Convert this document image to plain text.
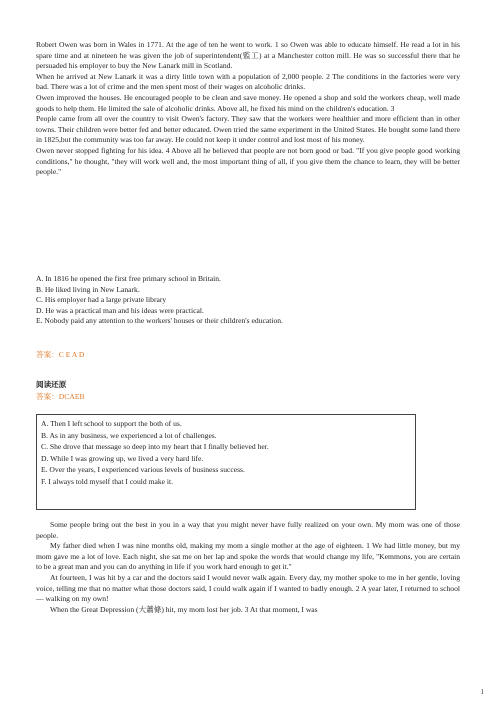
Robert Owen was born in Wales in 1771. At the age of ten he went to work. 1 so Owen was able to educate himself. He read a lot in his spare time and at nineteen he was given the job of superintendent(監工) at a Manchester cotton mill. He was so successful there that he persuaded his employer to buy the New Lanark mill in Scotland.

When he arrived at New Lanark it was a dirty little town with a population of 2,000 people. 2 The conditions in the factories were very bad. There was a lot of crime and the men spent most of their wages on alcoholic drinks.

Owen improved the houses. He encouraged people to be clean and save money. He opened a shop and sold the workers cheap, well made goods to help them. He limited the sale of alcoholic drinks. Above all, he fixed his mind on the children's education. 3

People came from all over the country to visit Owen's factory. They saw that the workers were healthier and more efficient than in other towns. Their children were better fed and better educated. Owen tried the same experiment in the United States. He bought some land there in 1825,but the community was too far away. He could not keep it under control and lost most of his money.

Owen never stopped fighting for his idea. 4 Above all he believed that people are not born good or bad. "If you give people good working conditions," he thought, "they will work well and, the most important thing of all, if you give them the chance to learn, they will be better people."

A. In 1816 he opened the first free primary school in Britain.

B. He liked living in New Lanark.

C. His employer had a large private library

D. He was a practical man and his ideas were practical.

E. Nobody paid any attention to the workers' houses or their children's education.

答案：C E A D
阅读还原
答案：DCAEB
A. Then I left school to support the both of us.
B. As in any business, we experienced a lot of challenges.
C. She drove that message so deep into my heart that I finally believed her.
D. While I was growing up, we lived a very hard life.
E. Over the years, I experienced various levels of business success.
F. I always told myself that I could make it.

Some people bring out the best in you in a way that you might never have fully realized on your own. My mom was one of those people.

My father died when I was nine months old, making my mom a single mother at the age of eighteen. 1 We had little money, but my mom gave me a lot of love. Each night, she sat me on her lap and spoke the words that would change my life, "Kemmons, you are certain to be a great man and you can do anything in life if you work hard enough to get it."

At fourteen, I was hit by a car and the doctors said I would never walk again. Every day, my mother spoke to me in her gentle, loving voice, telling me that no matter what those doctors said, I could walk again if I wanted to badly enough. 2 A year later, I returned to school — walking on my own!

When the Great Depression (大蕭條) hit, my mom lost her job. 3 At that moment, I was

1
